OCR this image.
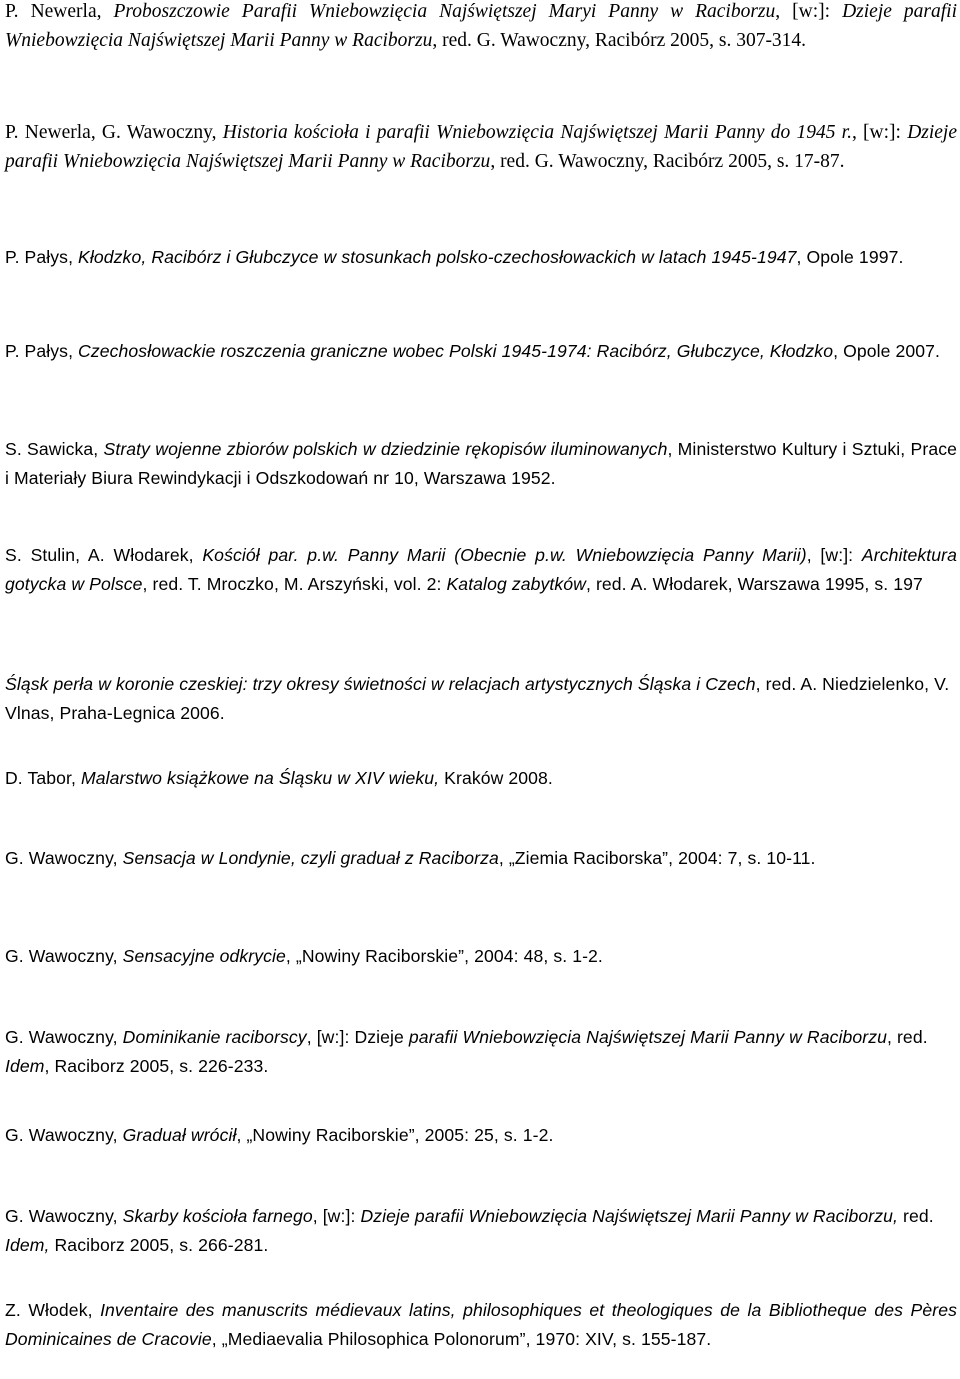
P. Newerla, Proboszczowie Parafii Wniebowzięcia Najświętszej Maryi Panny w Raciborzu, [w:]: Dzieje parafii Wniebowzięcia Najświętszej Marii Panny w Raciborzu, red. G. Wawoczny, Racibórz 2005, s. 307-314.

P. Newerla, G. Wawoczny, Historia kościoła i parafii Wniebowzięcia Najświętszej Marii Panny do 1945 r., [w:]: Dzieje parafii Wniebowzięcia Najświętszej Marii Panny w Raciborzu, red. G. Wawoczny, Racibórz 2005, s. 17-87.

P. Pałys, Kłodzko, Racibórz i Głubczyce w stosunkach polsko-czechosłowackich w latach 1945-1947, Opole 1997.

P. Pałys, Czechosłowackie roszczenia graniczne wobec Polski 1945-1974: Racibórz, Głubczyce, Kłodzko, Opole 2007.

S. Sawicka, Straty wojenne zbiorów polskich w dziedzinie rękopisów iluminowanych, Ministerstwo Kultury i Sztuki, Prace i Materiały Biura Rewindykacji i Odszkodowań nr 10, Warszawa 1952.

S. Stulin, A. Włodarek, Kościół par. p.w. Panny Marii (Obecnie p.w. Wniebowzięcia Panny Marii), [w:]: Architektura gotycka w Polsce, red. T. Mroczko, M. Arszyński, vol. 2: Katalog zabytków, red. A. Włodarek, Warszawa 1995, s. 197

Śląsk perła w koronie czeskiej: trzy okresy świetności w relacjach artystycznych Śląska i Czech, red. A. Niedzielenko, V. Vlnas, Praha-Legnica 2006.

D. Tabor, Malarstwo książkowe na Śląsku w XIV wieku, Kraków 2008.

G. Wawoczny, Sensacja w Londynie, czyli graduał z Raciborza, „Ziemia Raciborska”, 2004: 7, s. 10-11.

G. Wawoczny, Sensacyjne odkrycie, „Nowiny Raciborskie”, 2004: 48, s. 1-2.

G. Wawoczny, Dominikanie raciborscy, [w:]: Dzieje parafii Wniebowzięcia Najświętszej Marii Panny w Raciborzu, red. Idem, Raciborz 2005, s. 226-233.

G. Wawoczny, Graduał wrócił, „Nowiny Raciborskie”, 2005: 25, s. 1-2.

G. Wawoczny, Skarby kościoła farnego, [w:]: Dzieje parafii Wniebowzięcia Najświętszej Marii Panny w Raciborzu, red. Idem, Raciborz 2005, s. 266-281.

Z. Włodek, Inventaire des manuscrits médievaux latins, philosophiques et theologiques de la Bibliotheque des Pères Dominicaines de Cracovie, „Mediaevalia Philosophica Polonorum”, 1970: XIV, s. 155-187.
